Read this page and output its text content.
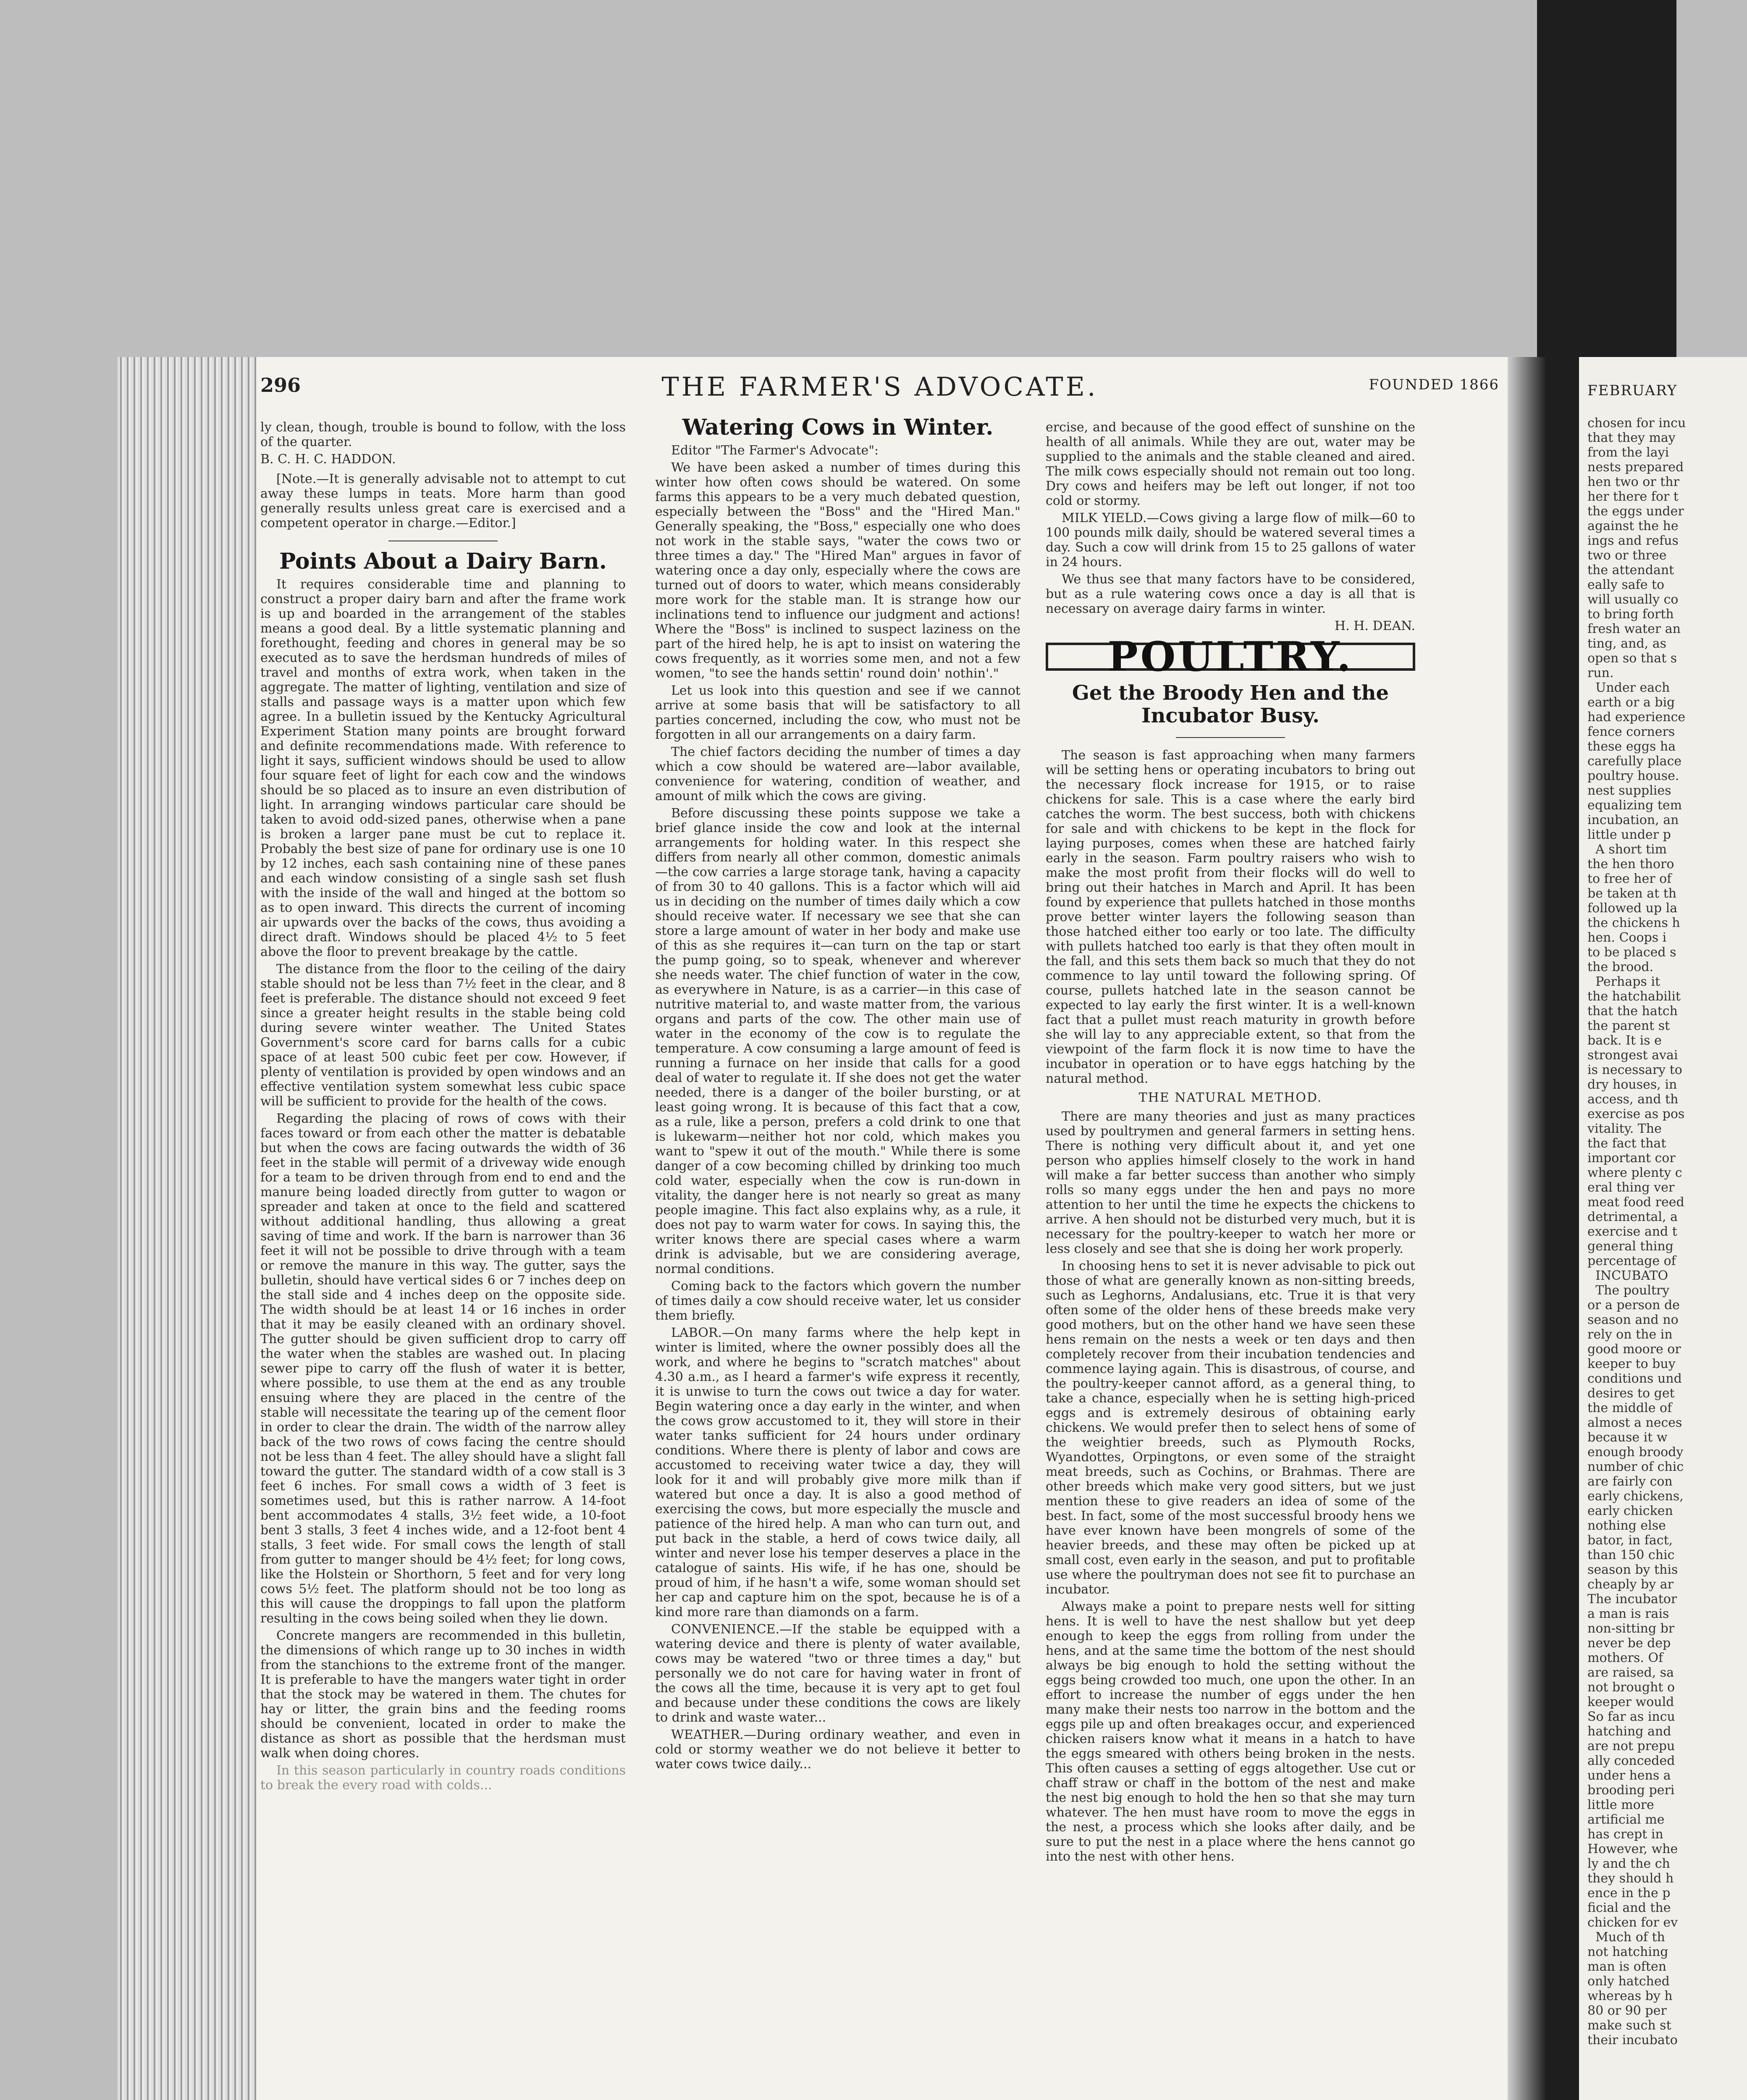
296	THE FARMER'S ADVOCATE.	FOUNDED 1866

ly clean, though, trouble is bound to follow, with the loss of the quarter.

B. C. H. C. HADDON.

[Note.—It is generally advisable not to attempt to cut away these lumps in teats. More harm than good generally results unless great care is exercised and a competent operator in charge.—Editor.]

Points About a Dairy Barn.

It requires considerable time and planning to construct a proper dairy barn and after the frame work is up and boarded in the arrangement of the stables means a good deal. By a little systematic planning and forethought, feeding and chores in general may be so executed as to save the herdsman hundreds of miles of travel and months of extra work, when taken in the aggregate. The matter of lighting, ventilation and size of stalls and passage ways is a matter upon which few agree. In a bulletin issued by the Kentucky Agricultural Experiment Station many points are brought forward and definite recommendations made. With reference to light it says, sufficient windows should be used to allow four square feet of light for each cow and the windows should be so placed as to insure an even distribution of light. In arranging windows particular care should be taken to avoid odd-sized panes, otherwise when a pane is broken a larger pane must be cut to replace it. Probably the best size of pane for ordinary use is one 10 by 12 inches, each sash containing nine of these panes and each window consisting of a single sash set flush with the inside of the wall and hinged at the bottom so as to open inward. This directs the current of incoming air upwards over the backs of the cows, thus avoiding a direct draft. Windows should be placed 4½ to 5 feet above the floor to prevent breakage by the cattle.

The distance from the floor to the ceiling of the dairy stable should not be less than 7½ feet in the clear, and 8 feet is preferable. The distance should not exceed 9 feet since a greater height results in the stable being cold during severe winter weather. The United States Government's score card for barns calls for a cubic space of at least 500 cubic feet per cow. However, if plenty of ventilation is provided by open windows and an effective ventilation system somewhat less cubic space will be sufficient to provide for the health of the cows.

Regarding the placing of rows of cows with their faces toward or from each other the matter is debatable but when the cows are facing outwards the width of 36 feet in the stable will permit of a driveway wide enough for a team to be driven through from end to end and the manure being loaded directly from gutter to wagon or spreader and taken at once to the field and scattered without additional handling, thus allowing a great saving of time and work. If the barn is narrower than 36 feet it will not be possible to drive through with a team or remove the manure in this way. The gutter, says the bulletin, should have vertical sides 6 or 7 inches deep on the stall side and 4 inches deep on the opposite side. The width should be at least 14 or 16 inches in order that it may be easily cleaned with an ordinary shovel. The gutter should be given sufficient drop to carry off the water when the stables are washed out. In placing sewer pipe to carry off the flush of water it is better, where possible, to use them at the end as any trouble ensuing where they are placed in the centre of the stable will necessitate the tearing up of the cement floor in order to clear the drain. The width of the narrow alley back of the two rows of cows facing the centre should not be less than 4 feet. The alley should have a slight fall toward the gutter. The standard width of a cow stall is 3 feet 6 inches. For small cows a width of 3 feet is sometimes used, but this is rather narrow. A 14-foot bent accommodates 4 stalls, 3½ feet wide, a 10-foot bent 3 stalls, 3 feet 4 inches wide, and a 12-foot bent 4 stalls, 3 feet wide. For small cows the length of stall from gutter to manger should be 4½ feet; for long cows, like the Holstein or Shorthorn, 5 feet and for very long cows 5½ feet. The platform should not be too long as this will cause the droppings to fall upon the platform resulting in the cows being soiled when they lie down.

Concrete mangers are recommended in this bulletin, the dimensions of which range up to 30 inches in width from the stanchions to the extreme front of the manger. It is preferable to have the mangers water tight in order that the stock may be watered in them. The chutes for hay or litter, the grain bins and the feeding rooms should be convenient, located in order to make the distance as short as possible that the herdsman must walk when doing chores.

In this season particularly in country roads conditions to break the every road with colds...

Watering Cows in Winter.

Editor "The Farmer's Advocate":

We have been asked a number of times during this winter how often cows should be watered. On some farms this appears to be a very much debated question, especially between the "Boss" and the "Hired Man." Generally speaking, the "Boss," especially one who does not work in the stable says, "water the cows two or three times a day." The "Hired Man" argues in favor of watering once a day only, especially where the cows are turned out of doors to water, which means considerably more work for the stable man. It is strange how our inclinations tend to influence our judgment and actions! Where the "Boss" is inclined to suspect laziness on the part of the hired help, he is apt to insist on watering the cows frequently, as it worries some men, and not a few women, "to see the hands settin' round doin' nothin'."

Let us look into this question and see if we cannot arrive at some basis that will be satisfactory to all parties concerned, including the cow, who must not be forgotten in all our arrangements on a dairy farm.

The chief factors deciding the number of times a day which a cow should be watered are—labor available, convenience for watering, condition of weather, and amount of milk which the cows are giving.

Before discussing these points suppose we take a brief glance inside the cow and look at the internal arrangements for holding water. In this respect she differs from nearly all other common, domestic animals—the cow carries a large storage tank, having a capacity of from 30 to 40 gallons. This is a factor which will aid us in deciding on the number of times daily which a cow should receive water. If necessary we see that she can store a large amount of water in her body and make use of this as she requires it—can turn on the tap or start the pump going, so to speak, whenever and wherever she needs water. The chief function of water in the cow, as everywhere in Nature, is as a carrier—in this case of nutritive material to, and waste matter from, the various organs and parts of the cow. The other main use of water in the economy of the cow is to regulate the temperature. A cow consuming a large amount of feed is running a furnace on her inside that calls for a good deal of water to regulate it. If she does not get the water needed, there is a danger of the boiler bursting, or at least going wrong. It is because of this fact that a cow, as a rule, like a person, prefers a cold drink to one that is lukewarm—neither hot nor cold, which makes you want to "spew it out of the mouth." While there is some danger of a cow becoming chilled by drinking too much cold water, especially when the cow is run-down in vitality, the danger here is not nearly so great as many people imagine. This fact also explains why, as a rule, it does not pay to warm water for cows. In saying this, the writer knows there are special cases where a warm drink is advisable, but we are considering average, normal conditions.

Coming back to the factors which govern the number of times daily a cow should receive water, let us consider them briefly.

LABOR.—On many farms where the help kept in winter is limited, where the owner possibly does all the work, and where he begins to "scratch matches" about 4.30 a.m., as I heard a farmer's wife express it recently, it is unwise to turn the cows out twice a day for water. Begin watering once a day early in the winter, and when the cows grow accustomed to it, they will store in their water tanks sufficient for 24 hours under ordinary conditions. Where there is plenty of labor and cows are accustomed to receiving water twice a day, they will look for it and will probably give more milk than if watered but once a day. It is also a good method of exercising the cows, but more especially the muscle and patience of the hired help. A man who can turn out, and put back in the stable, a herd of cows twice daily, all winter and never lose his temper deserves a place in the catalogue of saints. His wife, if he has one, should be proud of him, if he hasn't a wife, some woman should set her cap and capture him on the spot, because he is of a kind more rare than diamonds on a farm.

CONVENIENCE.—If the stable be equipped with a watering device and there is plenty of water available, cows may be watered "two or three times a day," but personally we do not care for having water in front of the cows all the time, because it is very apt to get foul and because under these conditions the cows are likely to drink and waste water...

WEATHER.—During ordinary weather, and even in cold or stormy weather we do not believe it better to water cows twice daily...

ercise, and because of the good effect of sunshine on the health of all animals. While they are out, water may be supplied to the animals and the stable cleaned and aired. The milk cows especially should not remain out too long. Dry cows and heifers may be left out longer, if not too cold or stormy.

MILK YIELD.—Cows giving a large flow of milk—60 to 100 pounds milk daily, should be watered several times a day. Such a cow will drink from 15 to 25 gallons of water in 24 hours.

We thus see that many factors have to be considered, but as a rule watering cows once a day is all that is necessary on average dairy farms in winter.

H. H. DEAN.
POULTRY.
Get the Broody Hen and the Incubator Busy.

The season is fast approaching when many farmers will be setting hens or operating incubators to bring out the necessary flock increase for 1915, or to raise chickens for sale. This is a case where the early bird catches the worm. The best success, both with chickens for sale and with chickens to be kept in the flock for laying purposes, comes when these are hatched fairly early in the season. Farm poultry raisers who wish to make the most profit from their flocks will do well to bring out their hatches in March and April. It has been found by experience that pullets hatched in those months prove better winter layers the following season than those hatched either too early or too late. The difficulty with pullets hatched too early is that they often moult in the fall, and this sets them back so much that they do not commence to lay until toward the following spring. Of course, pullets hatched late in the season cannot be expected to lay early the first winter. It is a well-known fact that a pullet must reach maturity in growth before she will lay to any appreciable extent, so that from the viewpoint of the farm flock it is now time to have the incubator in operation or to have eggs hatching by the natural method.

THE NATURAL METHOD.

There are many theories and just as many practices used by poultrymen and general farmers in setting hens. There is nothing very difficult about it, and yet one person who applies himself closely to the work in hand will make a far better success than another who simply rolls so many eggs under the hen and pays no more attention to her until the time he expects the chickens to arrive. A hen should not be disturbed very much, but it is necessary for the poultry-keeper to watch her more or less closely and see that she is doing her work properly.

In choosing hens to set it is never advisable to pick out those of what are generally known as non-sitting breeds, such as Leghorns, Andalusians, etc. True it is that very often some of the older hens of these breeds make very good mothers, but on the other hand we have seen these hens remain on the nests a week or ten days and then completely recover from their incubation tendencies and commence laying again. This is disastrous, of course, and the poultry-keeper cannot afford, as a general thing, to take a chance, especially when he is setting high-priced eggs and is extremely desirous of obtaining early chickens. We would prefer then to select hens of some of the weightier breeds, such as Plymouth Rocks, Wyandottes, Orpingtons, or even some of the straight meat breeds, such as Cochins, or Brahmas. There are other breeds which make very good sitters, but we just mention these to give readers an idea of some of the best. In fact, some of the most successful broody hens we have ever known have been mongrels of some of the heavier breeds, and these may often be picked up at small cost, even early in the season, and put to profitable use where the poultryman does not see fit to purchase an incubator.

Always make a point to prepare nests well for sitting hens. It is well to have the nest shallow but yet deep enough to keep the eggs from rolling from under the hens, and at the same time the bottom of the nest should always be big enough to hold the setting without the eggs being crowded too much, one upon the other. In an effort to increase the number of eggs under the hen many make their nests too narrow in the bottom and the eggs pile up and often breakages occur, and experienced chicken raisers know what it means in a hatch to have the eggs smeared with others being broken in the nests. This often causes a setting of eggs altogether. Use cut or chaff straw or chaff in the bottom of the nest and make the nest big enough to hold the hen so that she may turn whatever. The hen must have room to move the eggs in the nest, a process which she looks after daily, and be sure to put the nest in a place where the hens cannot go into the nest with other hens.

FEBRUARY
chosen for incu
that they may
from the layi
nests prepared
hen two or thr
her there for t
the eggs under
against the he
ings and refus
two or three
the attendant
eally safe to
will usually co
to bring forth
fresh water an
ting, and, as
open so that s
run.
Under each
earth or a big
had experience
fence corners
these eggs ha
carefully place
poultry house.
nest supplies
equalizing tem
incubation, an
little under p
A short tim
the hen thoro
to free her of
be taken at th
followed up la
the chickens h
hen. Coops i
to be placed s
the brood.
Perhaps it
the hatchabilit
that the hatch
the parent st
back. It is e
strongest avai
is necessary to
dry houses, in
access, and th
exercise as pos
vitality. The
the fact that
important cor
where plenty c
eral thing ver
meat food reed
detrimental, a
exercise and t
general thing
percentage of
INCUBATO
The poultry
or a person de
season and no
rely on the in
good moore or
keeper to buy
conditions und
desires to get
the middle of
almost a neces
because it w
enough broody
number of chic
are fairly con
early chickens,
early chicken
nothing else
bator, in fact,
than 150 chic
season by this
cheaply by ar
The incubator
a man is rais
non-sitting br
never be dep
mothers. Of
are raised, sa
not brought o
keeper would
So far as incu
hatching and
are not prepu
ally conceded
under hens a
brooding peri
little more
artificial me
has crept in
However, whe
ly and the ch
they should h
ence in the p
ficial and the
chicken for ev
Much of th
not hatching
man is often
only hatched
whereas by h
80 or 90 per
make such st
their incubato
